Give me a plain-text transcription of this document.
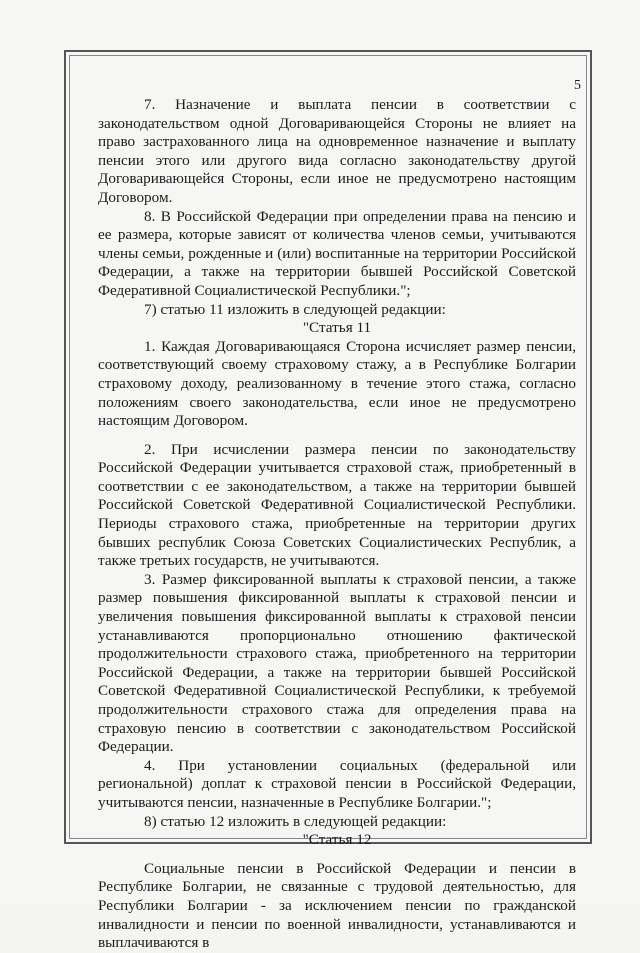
5

7. Назначение и выплата пенсии в соответствии с законодательством одной Договаривающейся Стороны не влияет на право застрахованного лица на одновременное назначение и выплату пенсии этого или другого вида согласно законодательству другой Договаривающейся Стороны, если иное не предусмотрено настоящим Договором.

8. В Российской Федерации при определении права на пенсию и ее размера, которые зависят от количества членов семьи, учитываются члены семьи, рожденные и (или) воспитанные на территории Российской Федерации, а также на территории бывшей Российской Советской Федеративной Социалистической Республики.";

7) статью 11 изложить в следующей редакции:

"Статья 11

1. Каждая Договаривающаяся Сторона исчисляет размер пенсии, соответствующий своему страховому стажу, а в Республике Болгарии страховому доходу, реализованному в течение этого стажа, согласно положениям своего законодательства, если иное не предусмотрено настоящим Договором.

2. При исчислении размера пенсии по законодательству Российской Федерации учитывается страховой стаж, приобретенный в соответствии с ее законодательством, а также на территории бывшей Российской Советской Федеративной Социалистической Республики. Периоды страхового стажа, приобретенные на территории других бывших республик Союза Советских Социалистических Республик, а также третьих государств, не учитываются.

3. Размер фиксированной выплаты к страховой пенсии, а также размер повышения фиксированной выплаты к страховой пенсии и увеличения повышения фиксированной выплаты к страховой пенсии устанавливаются пропорционально отношению фактической продолжительности страхового стажа, приобретенного на территории Российской Федерации, а также на территории бывшей Российской Советской Федеративной Социалистической Республики, к требуемой продолжительности страхового стажа для определения права на страховую пенсию в соответствии с законодательством Российской Федерации.

4. При установлении социальных (федеральной или региональной) доплат к страховой пенсии в Российской Федерации, учитываются пенсии, назначенные в Республике Болгарии.";

8) статью 12 изложить в следующей редакции:

"Статья 12

Социальные пенсии в Российской Федерации и пенсии в Республике Болгарии, не связанные с трудовой деятельностью, для Республики Болгарии - за исключением пенсии по гражданской инвалидности и пенсии по военной инвалидности, устанавливаются и выплачиваются в
